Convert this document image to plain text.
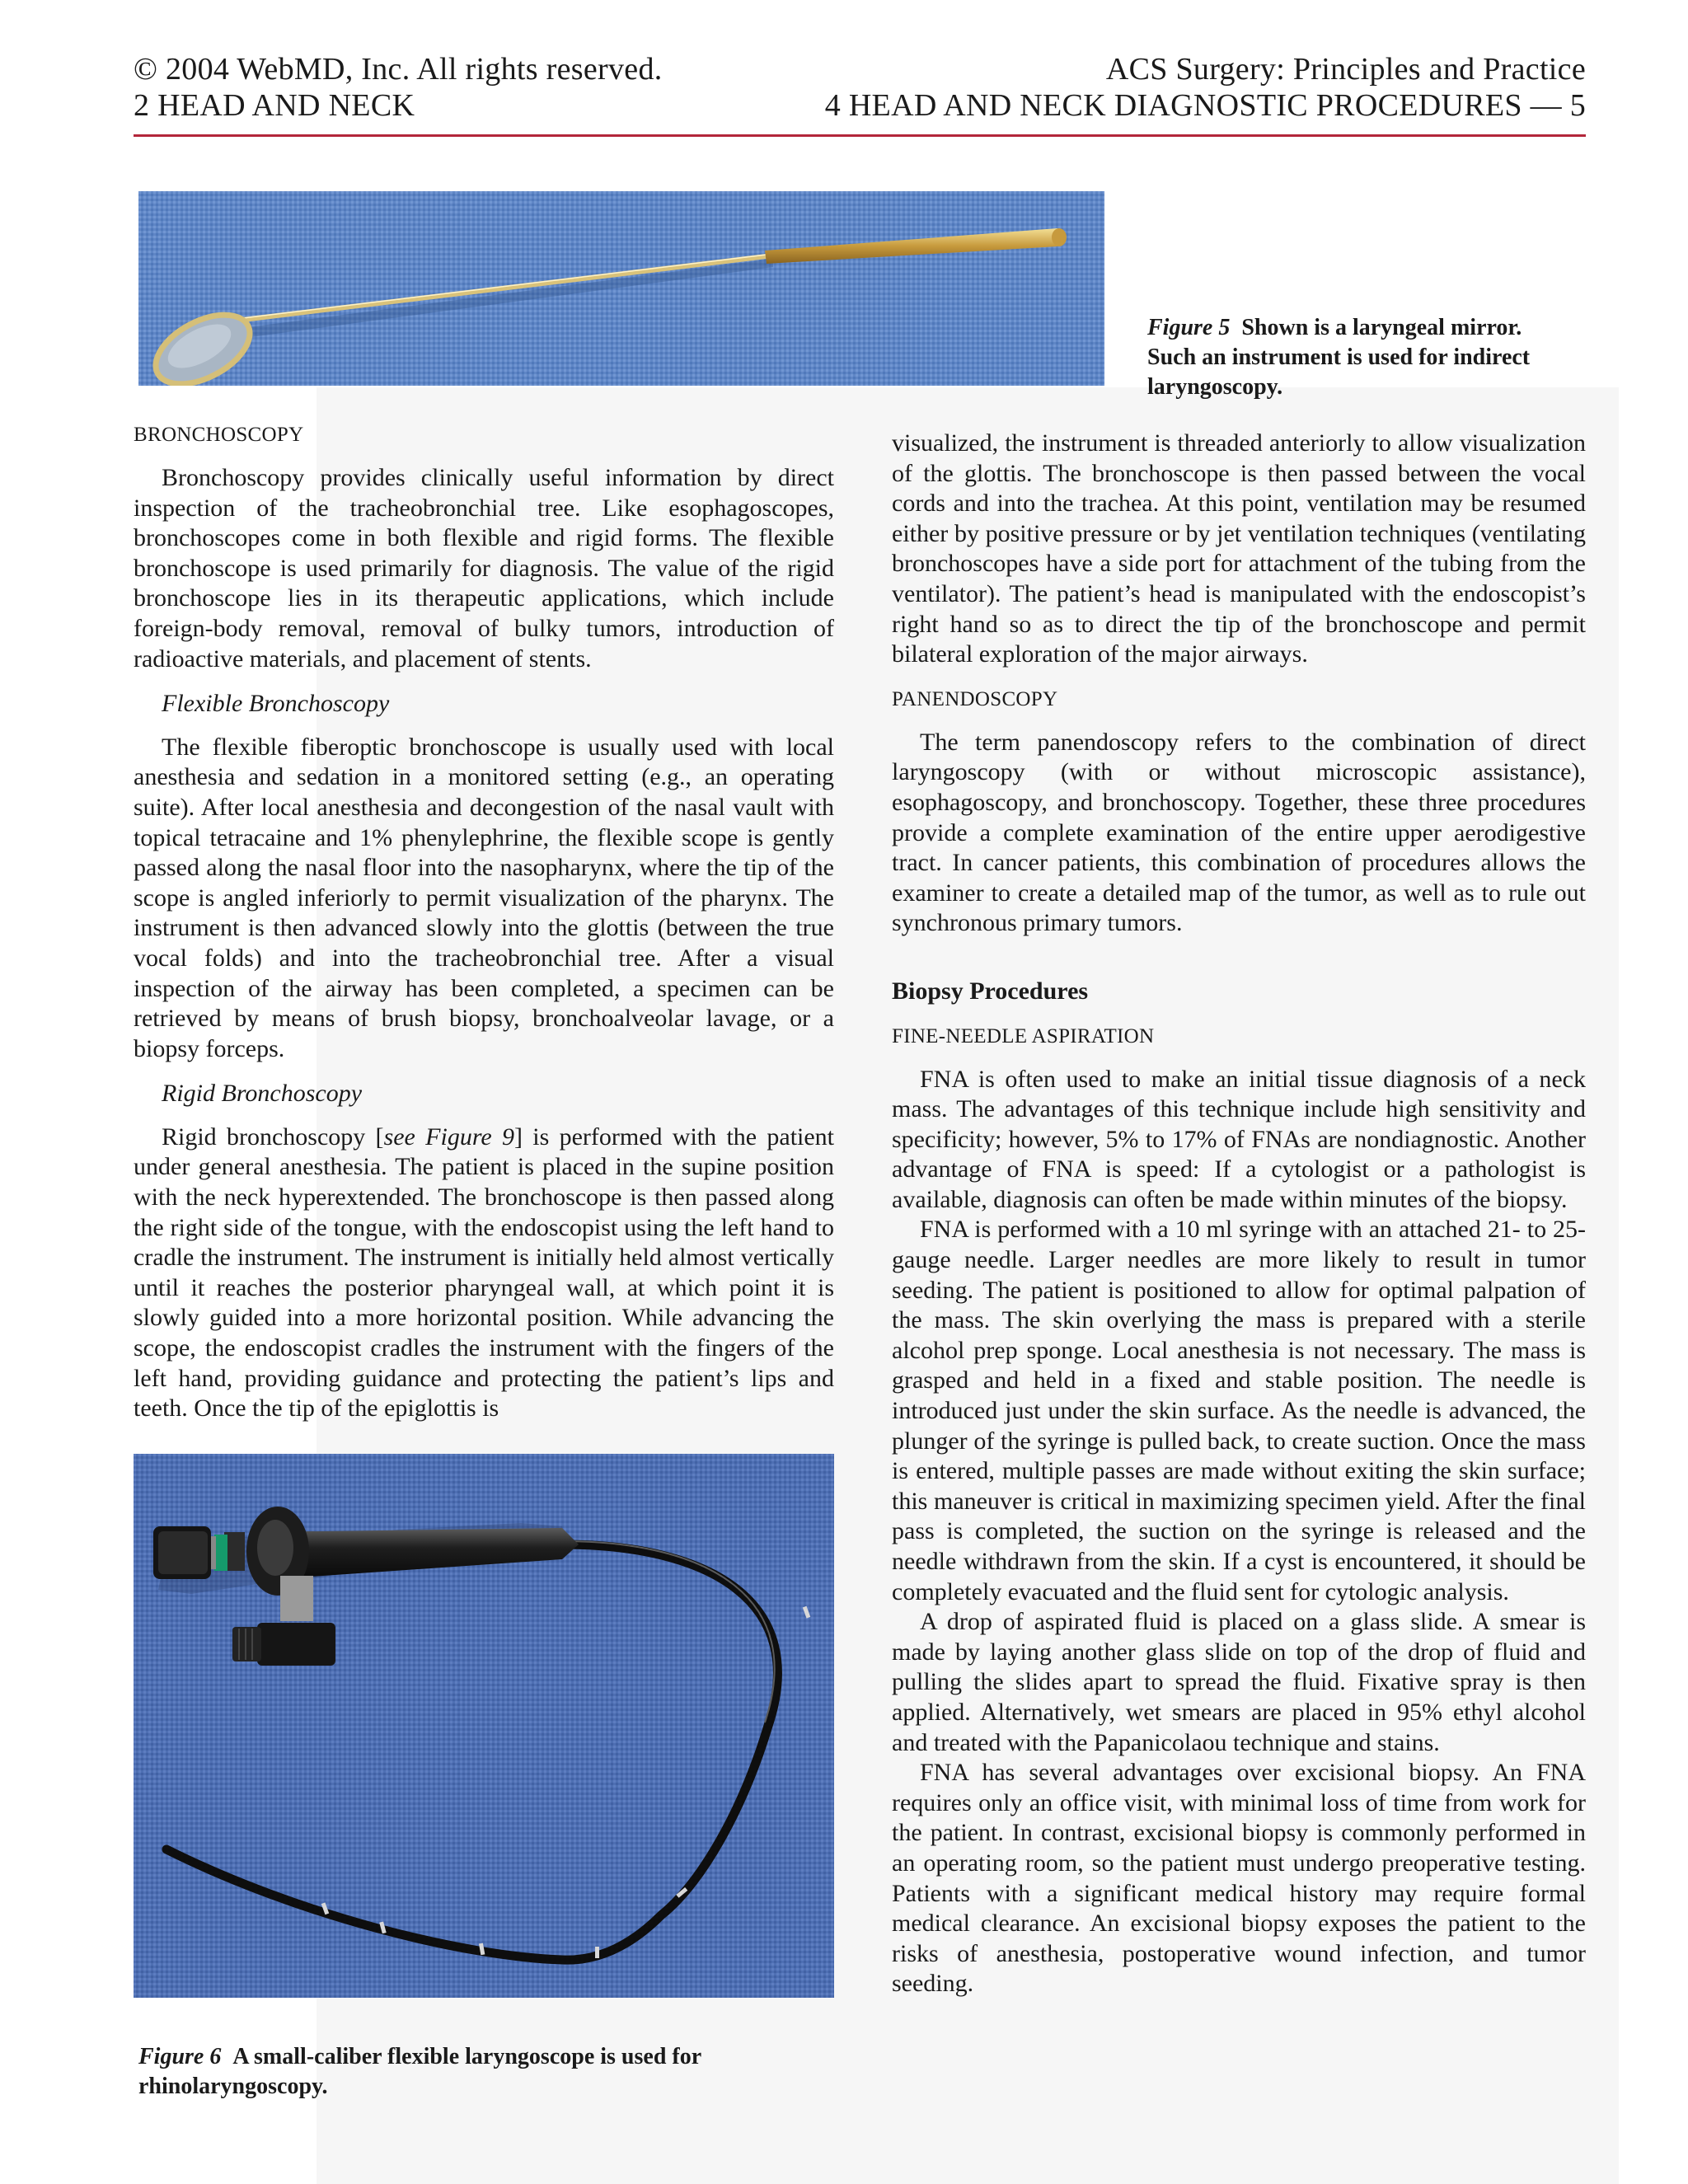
© 2004 WebMD, Inc. All rights reserved.	ACS Surgery: Principles and Practice
2 HEAD AND NECK	4 HEAD AND NECK DIAGNOSTIC PROCEDURES — 5
Figure 5 Shown is a laryngeal mirror. Such an instrument is used for indirect laryngoscopy.

BRONCHOSCOPY

Bronchoscopy provides clinically useful information by direct inspection of the tracheobronchial tree. Like esophagoscopes, bronchoscopes come in both flexible and rigid forms. The flexible bronchoscope is used primarily for diagnosis. The value of the rigid bronchoscope lies in its therapeutic applications, which include foreign-body removal, removal of bulky tumors, introduction of radioactive materials, and placement of stents.

Flexible Bronchoscopy

The flexible fiberoptic bronchoscope is usually used with local anesthesia and sedation in a monitored setting (e.g., an operating suite). After local anesthesia and decongestion of the nasal vault with topical tetracaine and 1% phenylephrine, the flexible scope is gently passed along the nasal floor into the nasopharynx, where the tip of the scope is angled inferiorly to permit visualization of the pharynx. The instrument is then advanced slowly into the glottis (between the true vocal folds) and into the tracheobronchial tree. After a visual inspection of the airway has been completed, a specimen can be retrieved by means of brush biopsy, bronchoalveolar lavage, or a biopsy forceps.

Rigid Bronchoscopy

Rigid bronchoscopy [see Figure 9] is performed with the patient under general anesthesia. The patient is placed in the supine position with the neck hyperextended. The bronchoscope is then passed along the right side of the tongue, with the endoscopist using the left hand to cradle the instrument. The instrument is initially held almost vertically until it reaches the posterior pharyngeal wall, at which point it is slowly guided into a more horizontal position. While advancing the scope, the endoscopist cradles the instrument with the fingers of the left hand, providing guidance and protecting the patient’s lips and teeth. Once the tip of the epiglottis is

Figure 6 A small-caliber flexible laryngoscope is used for rhinolaryngoscopy.

visualized, the instrument is threaded anteriorly to allow visualization of the glottis. The bronchoscope is then passed between the vocal cords and into the trachea. At this point, ventilation may be resumed either by positive pressure or by jet ventilation techniques (ventilating bronchoscopes have a side port for attachment of the tubing from the ventilator). The patient’s head is manipulated with the endoscopist’s right hand so as to direct the tip of the bronchoscope and permit bilateral exploration of the major airways.

PANENDOSCOPY

The term panendoscopy refers to the combination of direct laryngoscopy (with or without microscopic assistance), esophagoscopy, and bronchoscopy. Together, these three procedures provide a complete examination of the entire upper aerodigestive tract. In cancer patients, this combination of procedures allows the examiner to create a detailed map of the tumor, as well as to rule out synchronous primary tumors.

Biopsy Procedures

FINE-NEEDLE ASPIRATION

FNA is often used to make an initial tissue diagnosis of a neck mass. The advantages of this technique include high sensitivity and specificity; however, 5% to 17% of FNAs are nondiagnostic. Another advantage of FNA is speed: If a cytologist or a pathologist is available, diagnosis can often be made within minutes of the biopsy.

FNA is performed with a 10 ml syringe with an attached 21- to 25-gauge needle. Larger needles are more likely to result in tumor seeding. The patient is positioned to allow for optimal palpation of the mass. The skin overlying the mass is prepared with a sterile alcohol prep sponge. Local anesthesia is not necessary. The mass is grasped and held in a fixed and stable position. The needle is introduced just under the skin surface. As the needle is advanced, the plunger of the syringe is pulled back, to create suction. Once the mass is entered, multiple passes are made without exiting the skin surface; this maneuver is critical in maximizing specimen yield. After the final pass is completed, the suction on the syringe is released and the needle withdrawn from the skin. If a cyst is encountered, it should be completely evacuated and the fluid sent for cytologic analysis.

A drop of aspirated fluid is placed on a glass slide. A smear is made by laying another glass slide on top of the drop of fluid and pulling the slides apart to spread the fluid. Fixative spray is then applied. Alternatively, wet smears are placed in 95% ethyl alcohol and treated with the Papanicolaou technique and stains.

FNA has several advantages over excisional biopsy. An FNA requires only an office visit, with minimal loss of time from work for the patient. In contrast, excisional biopsy is commonly performed in an operating room, so the patient must undergo preoperative testing. Patients with a significant medical history may require formal medical clearance. An excisional biopsy exposes the patient to the risks of anesthesia, postoperative wound infection, and tumor seeding.
